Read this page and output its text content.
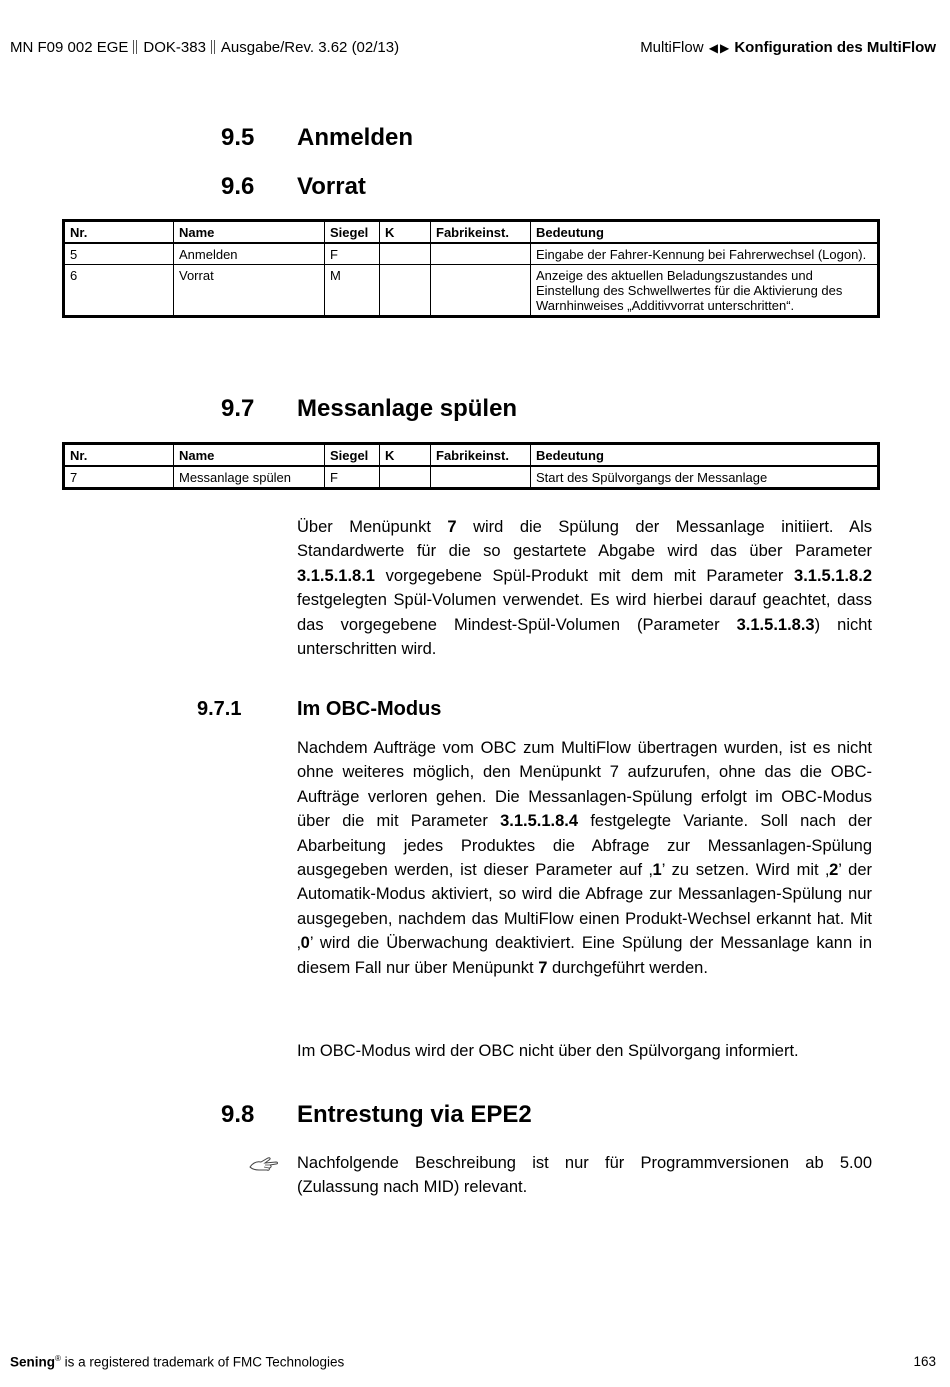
MN F09 002 EGE DOK-383 Ausgabe/Rev. 3.62 (02/13)	MultiFlow ◀ ▶ Konfiguration des MultiFlow
9.5 Anmelden
9.6 Vorrat
Nr.	Name	Siegel	K	Fabrikeinst.	Bedeutung
5	Anmelden	F			Eingabe der Fahrer-Kennung bei Fahrerwechsel (Logon).
6	Vorrat	M			Anzeige des aktuellen Beladungszustandes und Einstellung des Schwellwertes für die Aktivierung des Warnhinweises „Additivvorrat unterschritten“.
9.7 Messanlage spülen
Nr.	Name	Siegel	K	Fabrikeinst.	Bedeutung
7	Messanlage spülen	F			Start des Spülvorgangs der Messanlage
Über Menüpunkt 7 wird die Spülung der Messanlage initiiert. Als Standardwerte für die so gestartete Abgabe wird das über Parameter 3.1.5.1.8.1 vorgegebene Spül-Produkt mit dem mit Parameter 3.1.5.1.8.2 festgelegten Spül-Volumen verwendet. Es wird hierbei darauf geachtet, dass das vorgegebene Mindest-Spül-Volumen (Parameter 3.1.5.1.8.3) nicht unterschritten wird.
9.7.1	Im OBC-Modus
Nachdem Aufträge vom OBC zum MultiFlow übertragen wurden, ist es nicht ohne weiteres möglich, den Menüpunkt 7 aufzurufen, ohne das die OBC-Aufträge verloren gehen. Die Messanlagen-Spülung erfolgt im OBC-Modus über die mit Parameter 3.1.5.1.8.4 festgelegte Variante. Soll nach der Abarbeitung jedes Produktes die Abfrage zur Messanlagen-Spülung ausgegeben werden, ist dieser Parameter auf ‚1’ zu setzen. Wird mit ‚2’ der Automatik-Modus aktiviert, so wird die Abfrage zur Messanlagen-Spülung nur ausgegeben, nachdem das MultiFlow einen Produkt-Wechsel erkannt hat. Mit ‚0’ wird die Überwachung deaktiviert. Eine Spülung der Messanlage kann in diesem Fall nur über Menüpunkt 7 durchgeführt werden.
Im OBC-Modus wird der OBC nicht über den Spülvorgang informiert.
9.8 Entrestung via EPE2
Nachfolgende Beschreibung ist nur für Programmversionen ab 5.00 (Zulassung nach MID) relevant.
Sening® is a registered trademark of FMC Technologies	163
